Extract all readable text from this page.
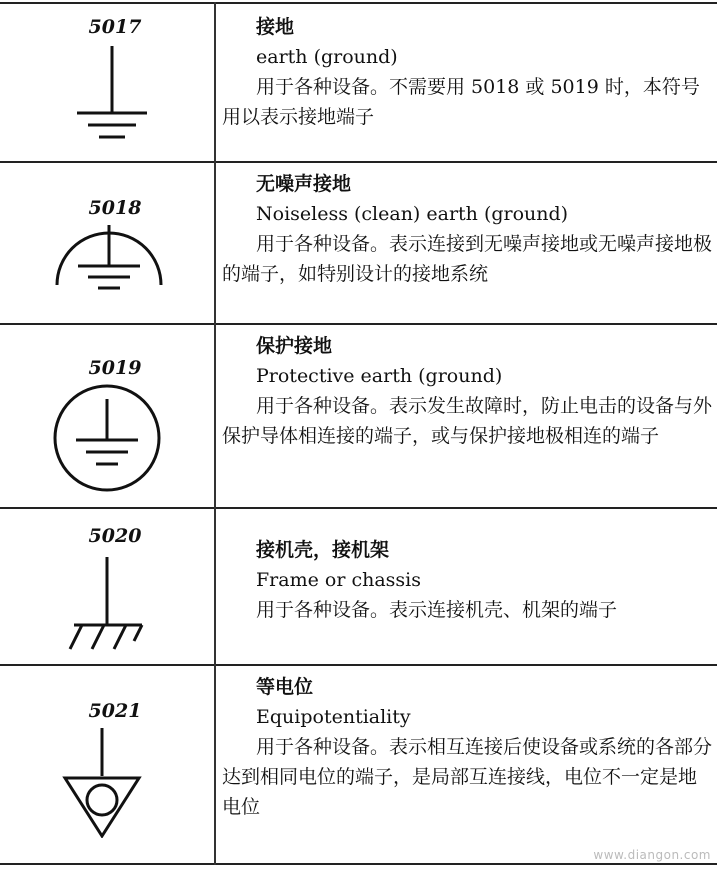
5017	接地
earth (ground)
用于各种设备。不需要用 5018 或 5019 时，本符号用以表示接地端子
5018
无噪声接地
Noiseless (clean) earth (ground)
用于各种设备。表示连接到无噪声接地或无噪声接地极的端子，如特别设计的接地系统
5019
保护接地
Protective earth (ground)
用于各种设备。表示发生故障时，防止电击的设备与外保护导体相连接的端子，或与保护接地极相连的端子
5020
接机壳，接机架
Frame or chassis
用于各种设备。表示连接机壳、机架的端子
5021
等电位
Equipotentiality
用于各种设备。表示相互连接后使设备或系统的各部分达到相同电位的端子，是局部互连接线，电位不一定是地电位
www.diangon.com
